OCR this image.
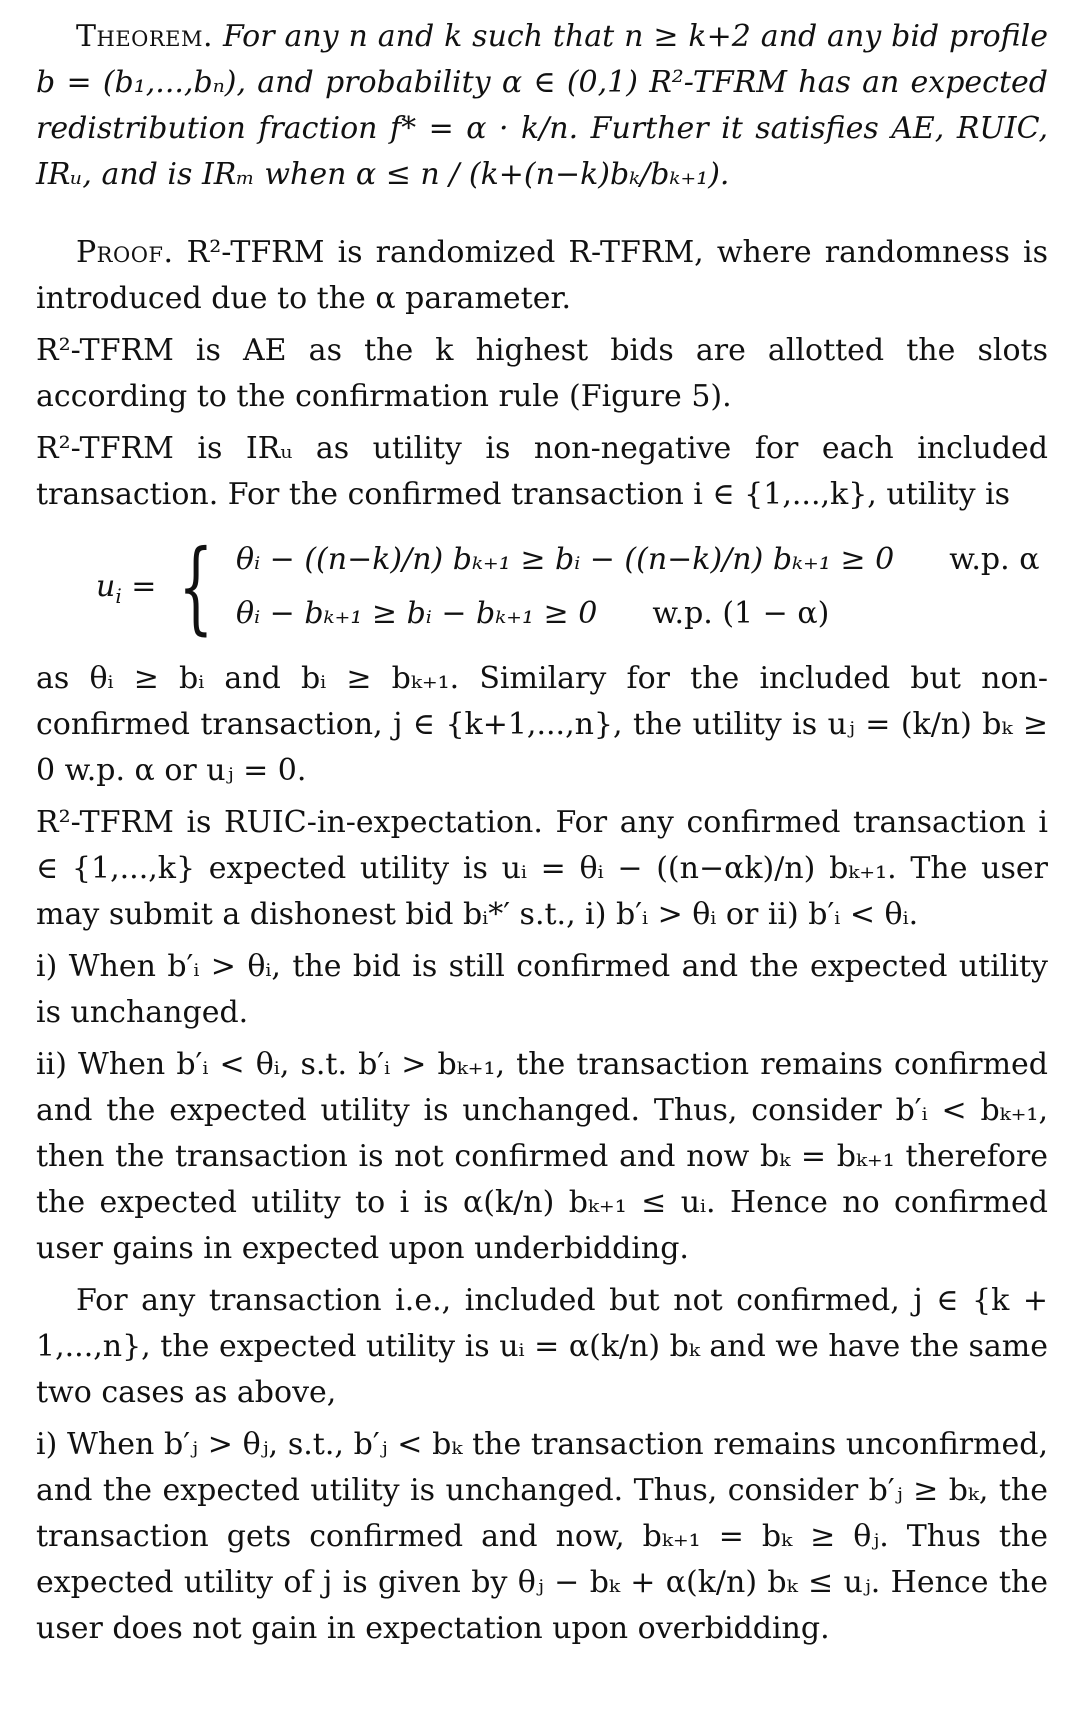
Theorem. For any n and k such that n ≥ k+2 and any bid profile b = (b₁,...,bₙ), and probability α ∈ (0,1) R²-TFRM has an expected redistribution fraction f* = α · k/n. Further it satisfies AE, RUIC, IRᵤ, and is IRₘ when α ≤ n / (k+(n−k)bₖ/bₖ₊₁).

Proof. R²-TFRM is randomized R-TFRM, where randomness is introduced due to the α parameter.

R²-TFRM is AE as the k highest bids are allotted the slots according to the confirmation rule (Figure 5).

R²-TFRM is IRᵤ as utility is non-negative for each included transaction. For the confirmed transaction i ∈ {1,...,k}, utility is

$u_i$ = { θᵢ − ((n−k)/n) bₖ₊₁ ≥ bᵢ − ((n−k)/n) bₖ₊₁ ≥ 0 w.p. α
θᵢ − bₖ₊₁ ≥ bᵢ − bₖ₊₁ ≥ 0 w.p. (1 − α)

as θᵢ ≥ bᵢ and bᵢ ≥ bₖ₊₁. Similary for the included but non-confirmed transaction, j ∈ {k+1,...,n}, the utility is uⱼ = (k/n) bₖ ≥ 0 w.p. α or uⱼ = 0.

R²-TFRM is RUIC-in-expectation. For any confirmed transaction i ∈ {1,...,k} expected utility is uᵢ = θᵢ − ((n−αk)/n) bₖ₊₁. The user may submit a dishonest bid bᵢ*′ s.t., i) b′ᵢ > θᵢ or ii) b′ᵢ < θᵢ.

i) When b′ᵢ > θᵢ, the bid is still confirmed and the expected utility is unchanged.

ii) When b′ᵢ < θᵢ, s.t. b′ᵢ > bₖ₊₁, the transaction remains confirmed and the expected utility is unchanged. Thus, consider b′ᵢ < bₖ₊₁, then the transaction is not confirmed and now bₖ = bₖ₊₁ therefore the expected utility to i is α(k/n) bₖ₊₁ ≤ uᵢ. Hence no confirmed user gains in expected upon underbidding.

For any transaction i.e., included but not confirmed, j ∈ {k + 1,...,n}, the expected utility is uᵢ = α(k/n) bₖ and we have the same two cases as above,

i) When b′ⱼ > θⱼ, s.t., b′ⱼ < bₖ the transaction remains unconfirmed, and the expected utility is unchanged. Thus, consider b′ⱼ ≥ bₖ, the transaction gets confirmed and now, bₖ₊₁ = bₖ ≥ θⱼ. Thus the expected utility of j is given by θⱼ − bₖ + α(k/n) bₖ ≤ uⱼ. Hence the user does not gain in expectation upon overbidding.
